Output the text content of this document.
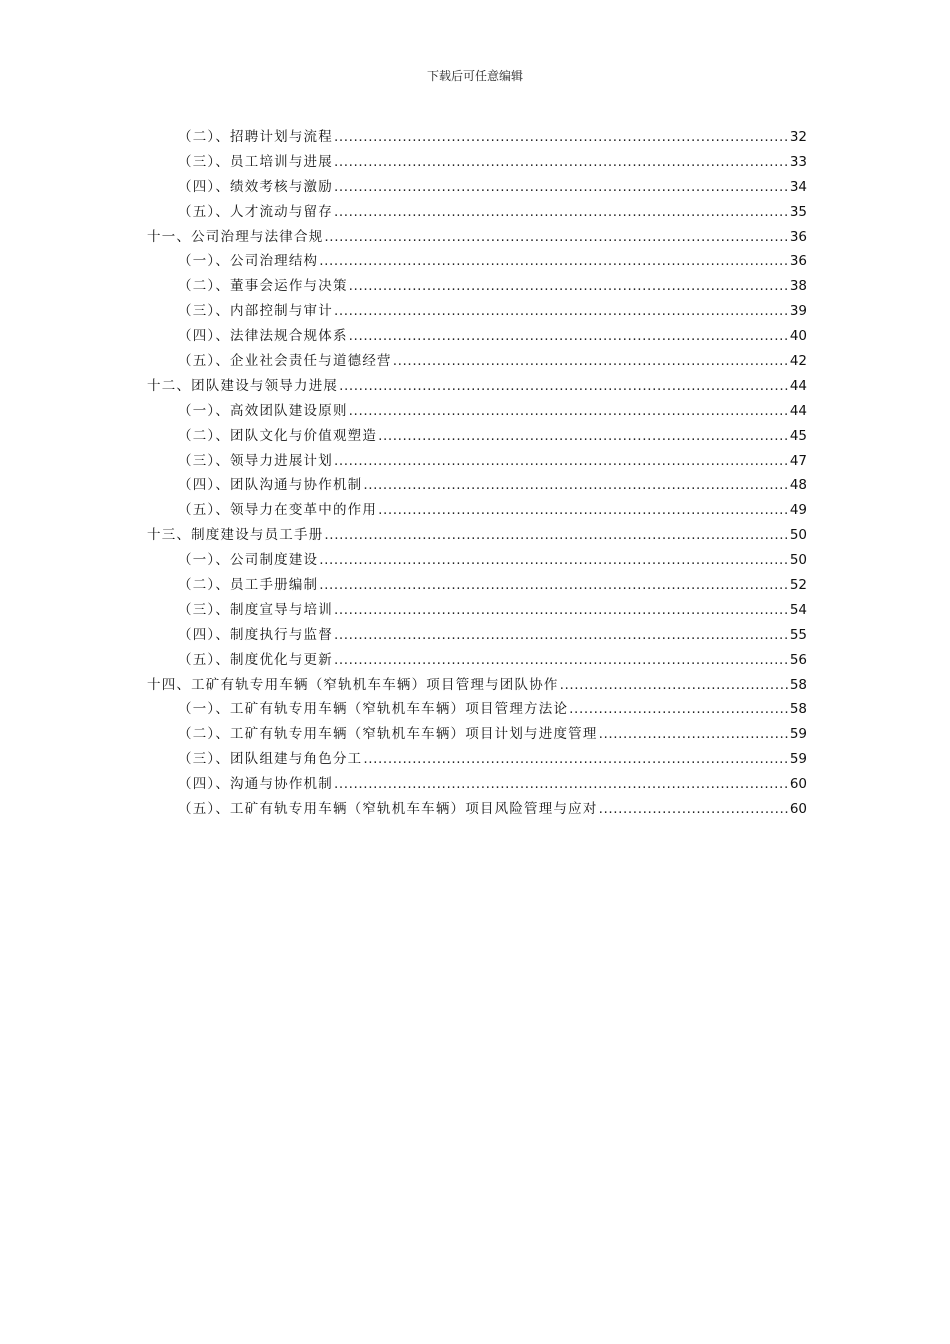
下载后可任意编辑
（二）、招聘计划与流程 .....	32
（三）、员工培训与进展 .....	33
（四）、绩效考核与激励 .....	34
（五）、人才流动与留存 .....	35
十一、公司治理与法律合规 .....	36
（一）、公司治理结构 .....	36
（二）、董事会运作与决策 .....	38
（三）、内部控制与审计 .....	39
（四）、法律法规合规体系 .....	40
（五）、企业社会责任与道德经营 .....	42
十二、团队建设与领导力进展 .....	44
（一）、高效团队建设原则 .....	44
（二）、团队文化与价值观塑造 .....	45
（三）、领导力进展计划 .....	47
（四）、团队沟通与协作机制 .....	48
（五）、领导力在变革中的作用 .....	49
十三、制度建设与员工手册 .....	50
（一）、公司制度建设 .....	50
（二）、员工手册编制 .....	52
（三）、制度宣导与培训 .....	54
（四）、制度执行与监督 .....	55
（五）、制度优化与更新 .....	56
十四、工矿有轨专用车辆（窄轨机车车辆）项目管理与团队协作 .....	58
（一）、工矿有轨专用车辆（窄轨机车车辆）项目管理方法论 .....	58
（二）、工矿有轨专用车辆（窄轨机车车辆）项目计划与进度管理 .....	59
（三）、团队组建与角色分工 .....	59
（四）、沟通与协作机制 .....	60
（五）、工矿有轨专用车辆（窄轨机车车辆）项目风险管理与应对 .....	60
